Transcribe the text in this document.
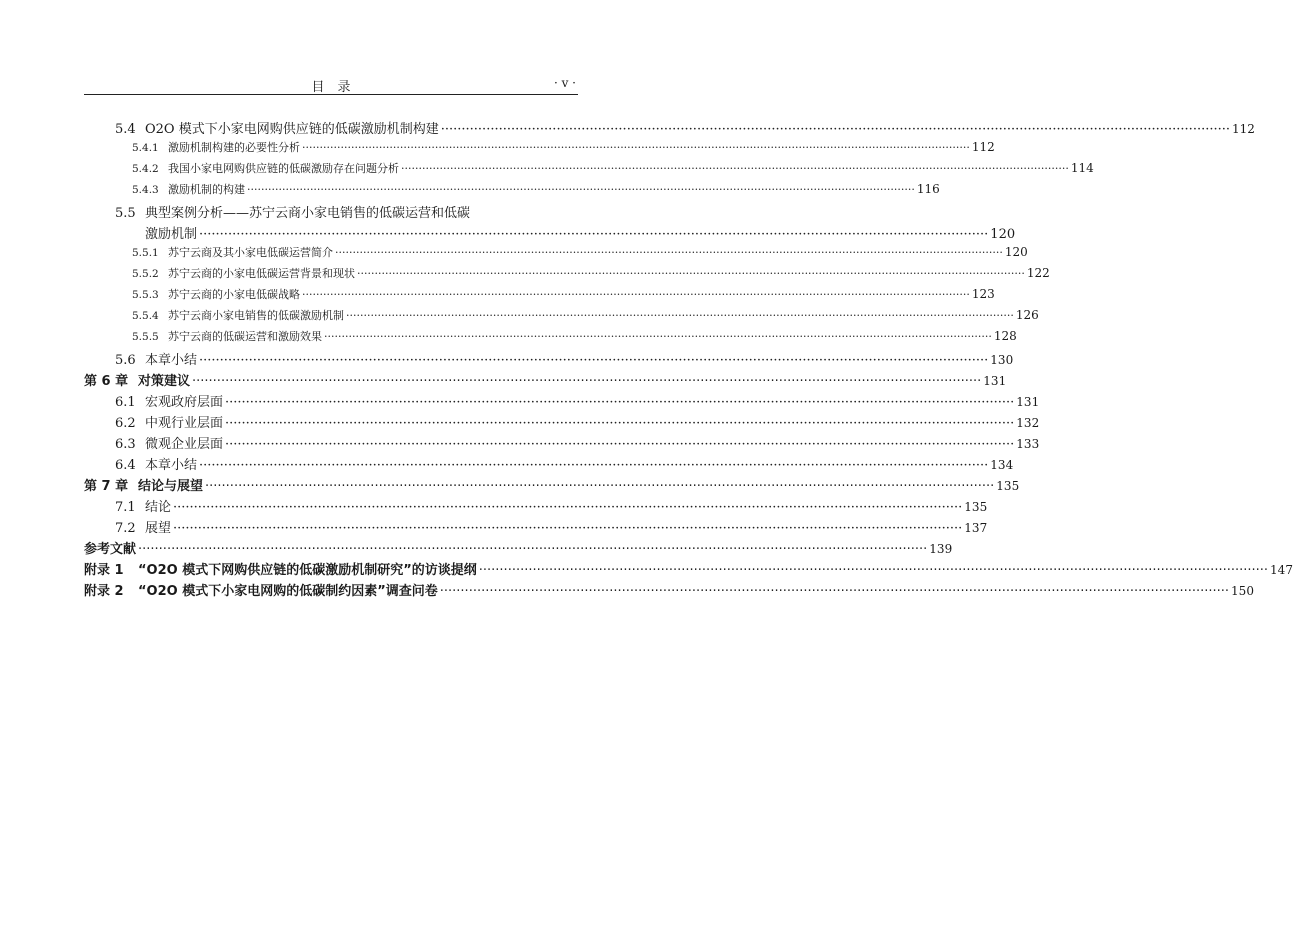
目　录	· v ·
5.4 O2O 模式下小家电网购供应链的低碳激励机制构建 ·····	112
5.4.1 激励机制构建的必要性分析 ·····	112
5.4.2 我国小家电网购供应链的低碳激励存在问题分析 ·····	114
5.4.3 激励机制的构建 ·····	116
5.5 典型案例分析——苏宁云商小家电销售的低碳运营和低碳
激励机制 ·····	120
5.5.1 苏宁云商及其小家电低碳运营简介 ·····	120
5.5.2 苏宁云商的小家电低碳运营背景和现状 ·····	122
5.5.3 苏宁云商的小家电低碳战略 ·····	123
5.5.4 苏宁云商小家电销售的低碳激励机制 ·····	126
5.5.5 苏宁云商的低碳运营和激励效果 ·····	128
5.6 本章小结 ·····	130
第 6 章 对策建议 ·····	131
6.1 宏观政府层面 ·····	131
6.2 中观行业层面 ·····	132
6.3 微观企业层面 ·····	133
6.4 本章小结 ·····	134
第 7 章 结论与展望 ·····	135
7.1 结论 ·····	135
7.2 展望 ·····	137
参考文献 ·····	139
附录 1	“O2O 模式下网购供应链的低碳激励机制研究”的访谈提纲 ·····	147
附录 2	“O2O 模式下小家电网购的低碳制约因素”调查问卷 ·····	150
